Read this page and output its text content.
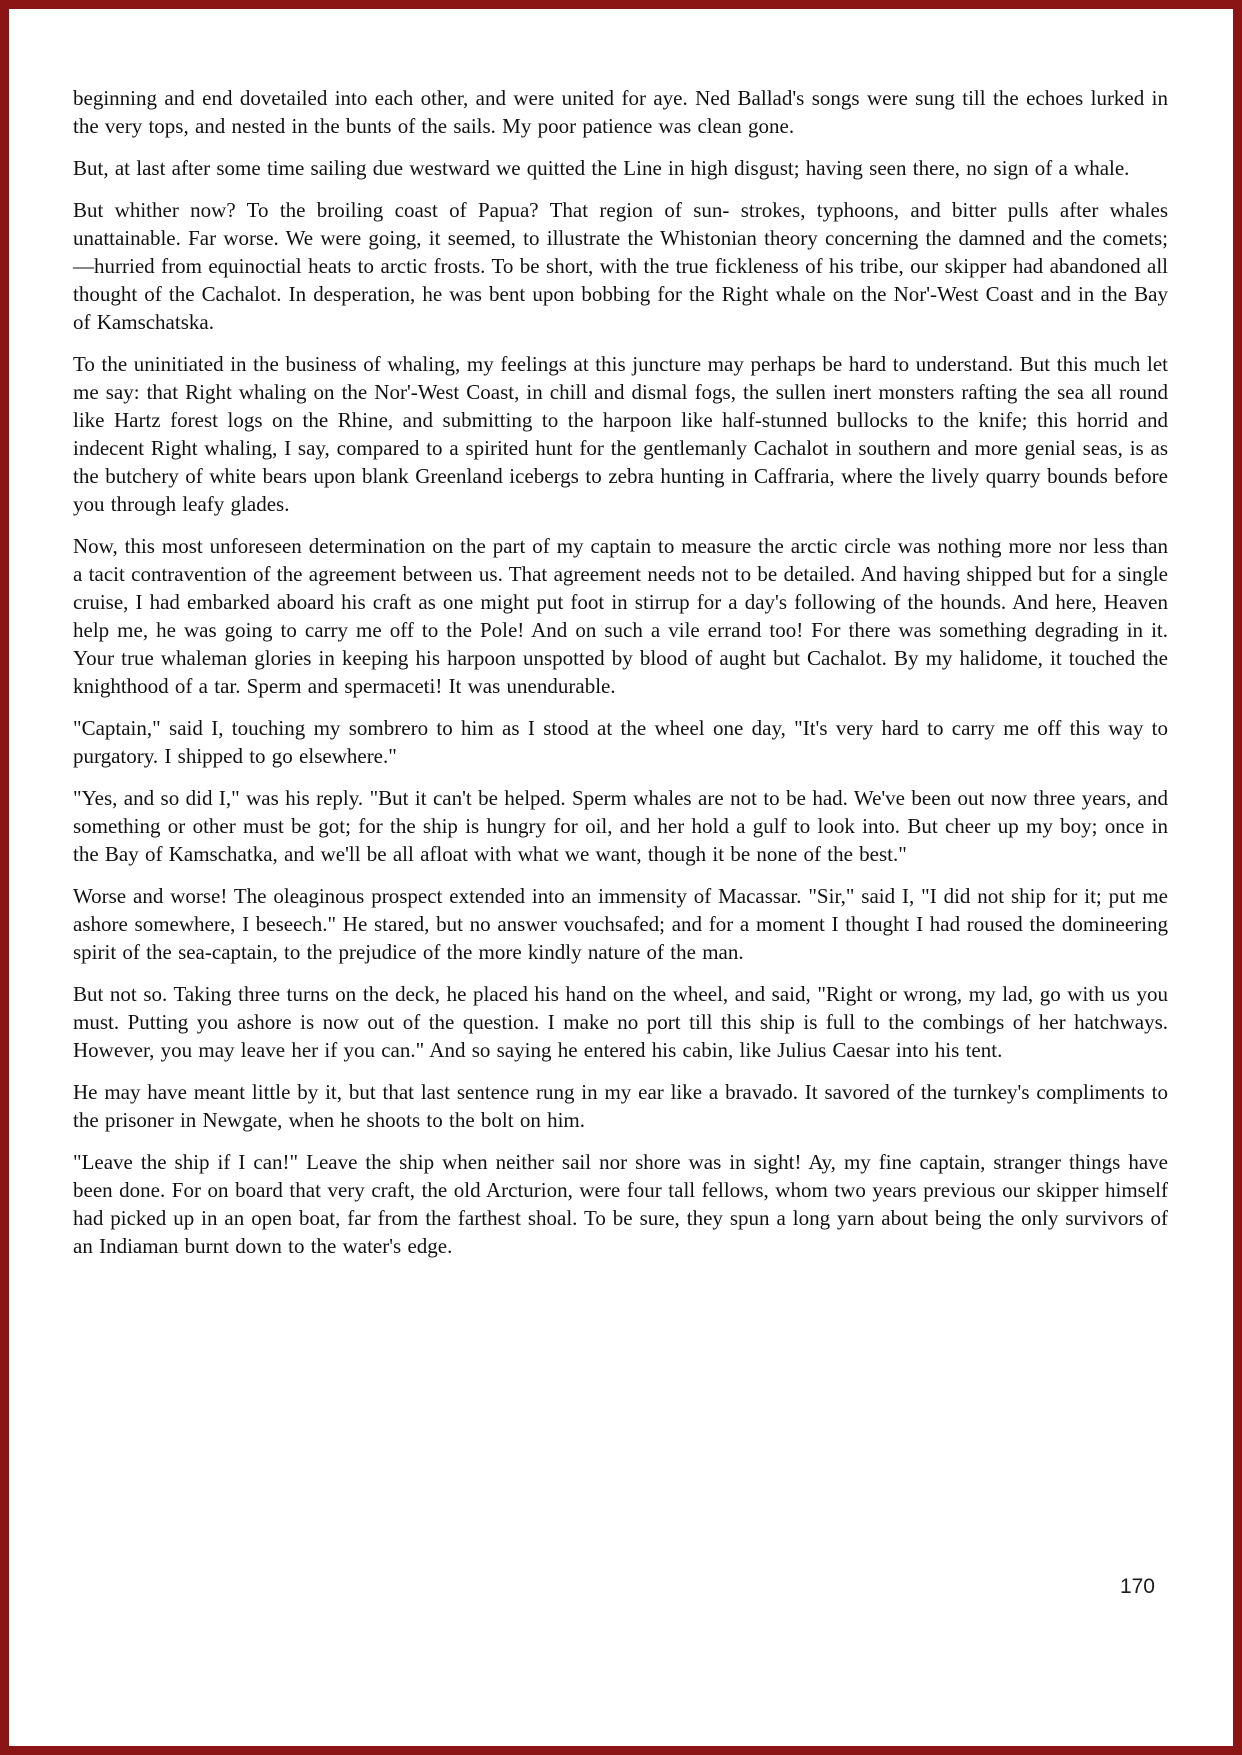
beginning and end dovetailed into each other, and were united for aye. Ned Ballad's songs were sung till the echoes lurked in the very tops, and nested in the bunts of the sails. My poor patience was clean gone.

But, at last after some time sailing due westward we quitted the Line in high disgust; having seen there, no sign of a whale.

But whither now? To the broiling coast of Papua? That region of sun- strokes, typhoons, and bitter pulls after whales unattainable. Far worse. We were going, it seemed, to illustrate the Whistonian theory concerning the damned and the comets;—hurried from equinoctial heats to arctic frosts. To be short, with the true fickleness of his tribe, our skipper had abandoned all thought of the Cachalot. In desperation, he was bent upon bobbing for the Right whale on the Nor'-West Coast and in the Bay of Kamschatska.

To the uninitiated in the business of whaling, my feelings at this juncture may perhaps be hard to understand. But this much let me say: that Right whaling on the Nor'-West Coast, in chill and dismal fogs, the sullen inert monsters rafting the sea all round like Hartz forest logs on the Rhine, and submitting to the harpoon like half-stunned bullocks to the knife; this horrid and indecent Right whaling, I say, compared to a spirited hunt for the gentlemanly Cachalot in southern and more genial seas, is as the butchery of white bears upon blank Greenland icebergs to zebra hunting in Caffraria, where the lively quarry bounds before you through leafy glades.

Now, this most unforeseen determination on the part of my captain to measure the arctic circle was nothing more nor less than a tacit contravention of the agreement between us. That agreement needs not to be detailed. And having shipped but for a single cruise, I had embarked aboard his craft as one might put foot in stirrup for a day's following of the hounds. And here, Heaven help me, he was going to carry me off to the Pole! And on such a vile errand too! For there was something degrading in it. Your true whaleman glories in keeping his harpoon unspotted by blood of aught but Cachalot. By my halidome, it touched the knighthood of a tar. Sperm and spermaceti! It was unendurable.

"Captain," said I, touching my sombrero to him as I stood at the wheel one day, "It's very hard to carry me off this way to purgatory. I shipped to go elsewhere."

"Yes, and so did I," was his reply. "But it can't be helped. Sperm whales are not to be had. We've been out now three years, and something or other must be got; for the ship is hungry for oil, and her hold a gulf to look into. But cheer up my boy; once in the Bay of Kamschatka, and we'll be all afloat with what we want, though it be none of the best."

Worse and worse! The oleaginous prospect extended into an immensity of Macassar. "Sir," said I, "I did not ship for it; put me ashore somewhere, I beseech." He stared, but no answer vouchsafed; and for a moment I thought I had roused the domineering spirit of the sea-captain, to the prejudice of the more kindly nature of the man.

But not so. Taking three turns on the deck, he placed his hand on the wheel, and said, "Right or wrong, my lad, go with us you must. Putting you ashore is now out of the question. I make no port till this ship is full to the combings of her hatchways. However, you may leave her if you can." And so saying he entered his cabin, like Julius Caesar into his tent.

He may have meant little by it, but that last sentence rung in my ear like a bravado. It savored of the turnkey's compliments to the prisoner in Newgate, when he shoots to the bolt on him.

"Leave the ship if I can!" Leave the ship when neither sail nor shore was in sight! Ay, my fine captain, stranger things have been done. For on board that very craft, the old Arcturion, were four tall fellows, whom two years previous our skipper himself had picked up in an open boat, far from the farthest shoal. To be sure, they spun a long yarn about being the only survivors of an Indiaman burnt down to the water's edge.

170
